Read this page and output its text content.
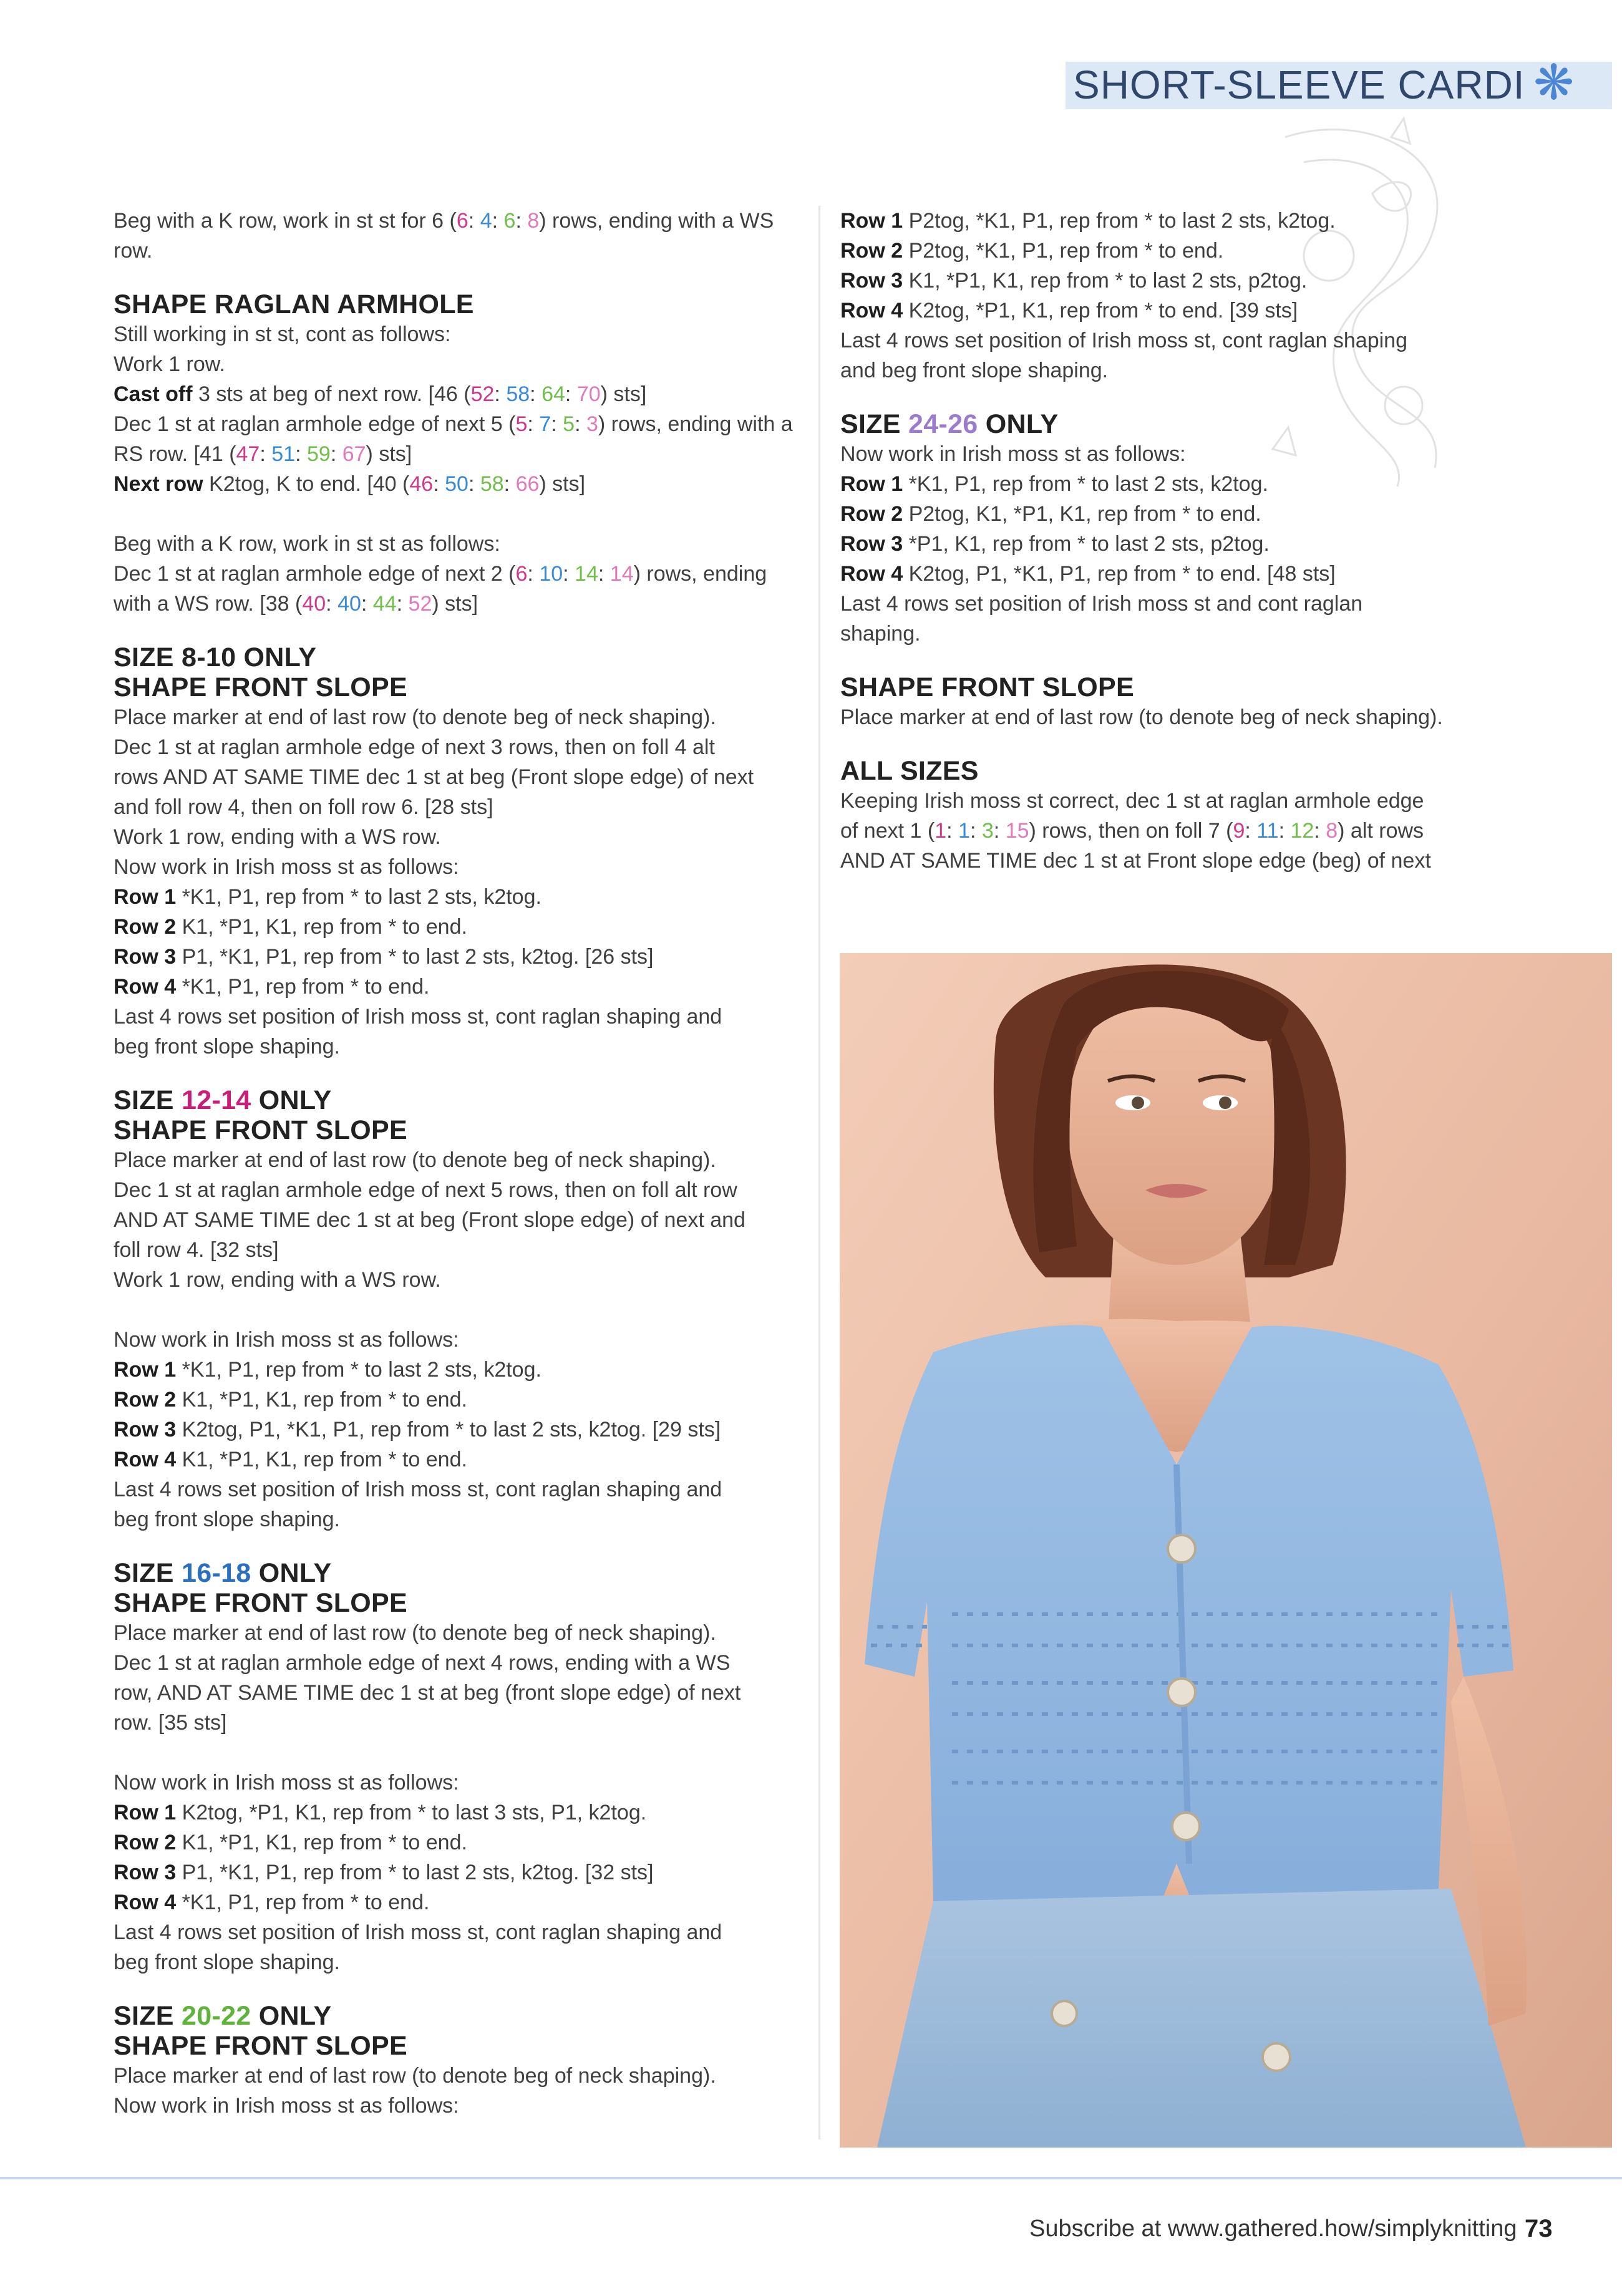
SHORT-SLEEVE CARDI ❋

Beg with a K row, work in st st for 6 (6: 4: 6: 8) rows, ending with a WS row.

SHAPE RAGLAN ARMHOLE

Still working in st st, cont as follows:

Work 1 row.

Cast off 3 sts at beg of next row. [46 (52: 58: 64: 70) sts]

Dec 1 st at raglan armhole edge of next 5 (5: 7: 5: 3) rows, ending with a RS row. [41 (47: 51: 59: 67) sts]

Next row K2tog, K to end. [40 (46: 50: 58: 66) sts]

Beg with a K row, work in st st as follows:

Dec 1 st at raglan armhole edge of next 2 (6: 10: 14: 14) rows, ending with a WS row. [38 (40: 40: 44: 52) sts]

SIZE 8-10 ONLY
SHAPE FRONT SLOPE

Place marker at end of last row (to denote beg of neck shaping).

Dec 1 st at raglan armhole edge of next 3 rows, then on foll 4 alt

rows AND AT SAME TIME dec 1 st at beg (Front slope edge) of next

and foll row 4, then on foll row 6. [28 sts]

Work 1 row, ending with a WS row.

Now work in Irish moss st as follows:

Row 1 *K1, P1, rep from * to last 2 sts, k2tog.

Row 2 K1, *P1, K1, rep from * to end.

Row 3 P1, *K1, P1, rep from * to last 2 sts, k2tog. [26 sts]

Row 4 *K1, P1, rep from * to end.

Last 4 rows set position of Irish moss st, cont raglan shaping and

beg front slope shaping.

SIZE 12-14 ONLY
SHAPE FRONT SLOPE

Place marker at end of last row (to denote beg of neck shaping).

Dec 1 st at raglan armhole edge of next 5 rows, then on foll alt row

AND AT SAME TIME dec 1 st at beg (Front slope edge) of next and

foll row 4. [32 sts]

Work 1 row, ending with a WS row.

Now work in Irish moss st as follows:

Row 1 *K1, P1, rep from * to last 2 sts, k2tog.

Row 2 K1, *P1, K1, rep from * to end.

Row 3 K2tog, P1, *K1, P1, rep from * to last 2 sts, k2tog. [29 sts]

Row 4 K1, *P1, K1, rep from * to end.

Last 4 rows set position of Irish moss st, cont raglan shaping and

beg front slope shaping.

SIZE 16-18 ONLY
SHAPE FRONT SLOPE

Place marker at end of last row (to denote beg of neck shaping).

Dec 1 st at raglan armhole edge of next 4 rows, ending with a WS

row, AND AT SAME TIME dec 1 st at beg (front slope edge) of next

row. [35 sts]

Now work in Irish moss st as follows:

Row 1 K2tog, *P1, K1, rep from * to last 3 sts, P1, k2tog.

Row 2 K1, *P1, K1, rep from * to end.

Row 3 P1, *K1, P1, rep from * to last 2 sts, k2tog. [32 sts]

Row 4 *K1, P1, rep from * to end.

Last 4 rows set position of Irish moss st, cont raglan shaping and

beg front slope shaping.

SIZE 20-22 ONLY
SHAPE FRONT SLOPE

Place marker at end of last row (to denote beg of neck shaping).

Now work in Irish moss st as follows:

Row 1 P2tog, *K1, P1, rep from * to last 2 sts, k2tog.

Row 2 P2tog, *K1, P1, rep from * to end.

Row 3 K1, *P1, K1, rep from * to last 2 sts, p2tog.

Row 4 K2tog, *P1, K1, rep from * to end. [39 sts]

Last 4 rows set position of Irish moss st, cont raglan shaping

and beg front slope shaping.

SIZE 24-26 ONLY

Now work in Irish moss st as follows:

Row 1 *K1, P1, rep from * to last 2 sts, k2tog.

Row 2 P2tog, K1, *P1, K1, rep from * to end.

Row 3 *P1, K1, rep from * to last 2 sts, p2tog.

Row 4 K2tog, P1, *K1, P1, rep from * to end. [48 sts]

Last 4 rows set position of Irish moss st and cont raglan

shaping.

SHAPE FRONT SLOPE

Place marker at end of last row (to denote beg of neck shaping).

ALL SIZES

Keeping Irish moss st correct, dec 1 st at raglan armhole edge

of next 1 (1: 1: 3: 15) rows, then on foll 7 (9: 11: 12: 8) alt rows

AND AT SAME TIME dec 1 st at Front slope edge (beg) of next

Subscribe at www.gathered.how/simplyknitting 73
